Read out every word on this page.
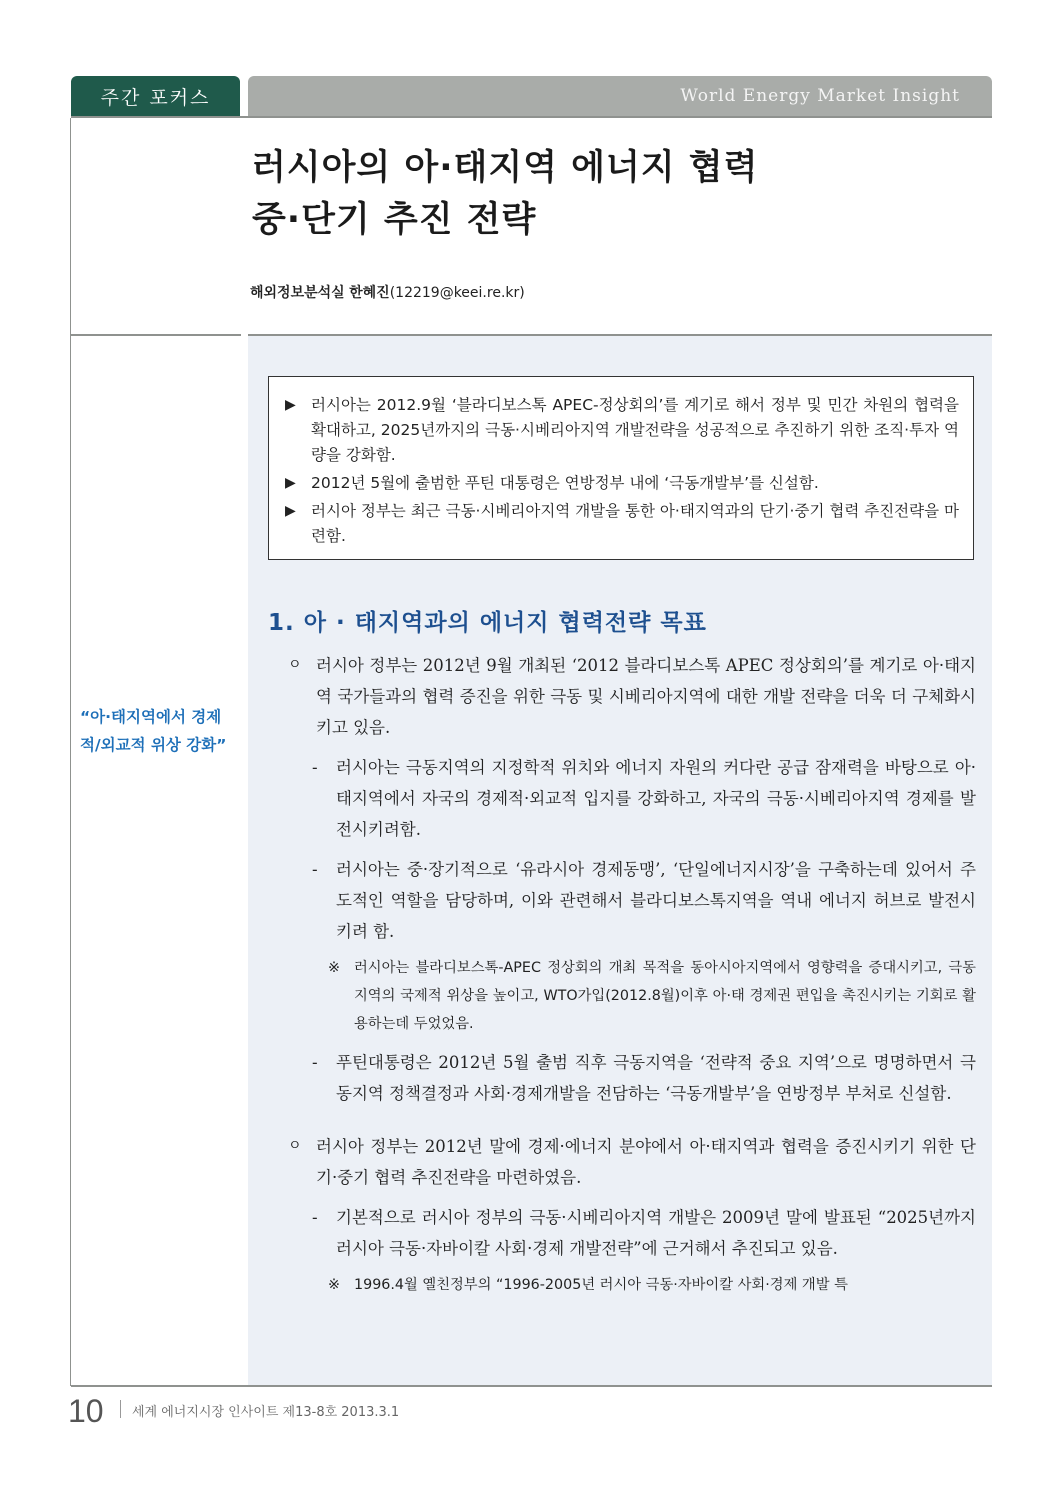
주간 포커스	World Energy Market Insight
러시아의 아·태지역 에너지 협력
중·단기 추진 전략
해외정보분석실 한혜진(12219@keei.re.kr)
▶ 러시아는 2012.9월 ‘블라디보스톡 APEC-정상회의’를 계기로 해서 정부 및 민간 차원의 협력을 확대하고, 2025년까지의 극동·시베리아지역 개발전략을 성공적으로 추진하기 위한 조직·투자 역량을 강화함.
▶ 2012년 5월에 출범한 푸틴 대통령은 연방정부 내에 ‘극동개발부’를 신설함.
▶ 러시아 정부는 최근 극동·시베리아지역 개발을 통한 아·태지역과의 단기·중기 협력 추진전략을 마련함.
1. 아 · 태지역과의 에너지 협력전략 목표
“아·태지역에서 경제적/외교적 위상 강화”
ㅇ 러시아 정부는 2012년 9월 개최된 ‘2012 블라디보스톡 APEC 정상회의’를 계기로 아·태지역 국가들과의 협력 증진을 위한 극동 및 시베리아지역에 대한 개발 전략을 더욱 더 구체화시키고 있음.
-	러시아는 극동지역의 지정학적 위치와 에너지 자원의 커다란 공급 잠재력을 바탕으로 아·태지역에서 자국의 경제적·외교적 입지를 강화하고, 자국의 극동·시베리아지역 경제를 발전시키려함.
-	러시아는 중·장기적으로 ‘유라시아 경제동맹’, ‘단일에너지시장’을 구축하는데 있어서 주도적인 역할을 담당하며, 이와 관련해서 블라디보스톡지역을 역내 에너지 허브로 발전시키려 함.
※ 러시아는 블라디보스톡-APEC 정상회의 개최 목적을 동아시아지역에서 영향력을 증대시키고, 극동지역의 국제적 위상을 높이고, WTO가입(2012.8월)이후 아·태 경제권 편입을 촉진시키는 기회로 활용하는데 두었었음.
-	푸틴대통령은 2012년 5월 출범 직후 극동지역을 ‘전략적 중요 지역’으로 명명하면서 극동지역 정책결정과 사회·경제개발을 전담하는 ‘극동개발부’을 연방정부 부처로 신설함.
ㅇ 러시아 정부는 2012년 말에 경제·에너지 분야에서 아·태지역과 협력을 증진시키기 위한 단기·중기 협력 추진전략을 마련하였음.
-	기본적으로 러시아 정부의 극동·시베리아지역 개발은 2009년 말에 발표된 “2025년까지 러시아 극동·자바이칼 사회·경제 개발전략”에 근거해서 추진되고 있음.
※ 1996.4월 옐친정부의 “1996-2005년 러시아 극동·자바이칼 사회·경제 개발 특
10 세계 에너지시장 인사이트 제13-8호 2013.3.1
